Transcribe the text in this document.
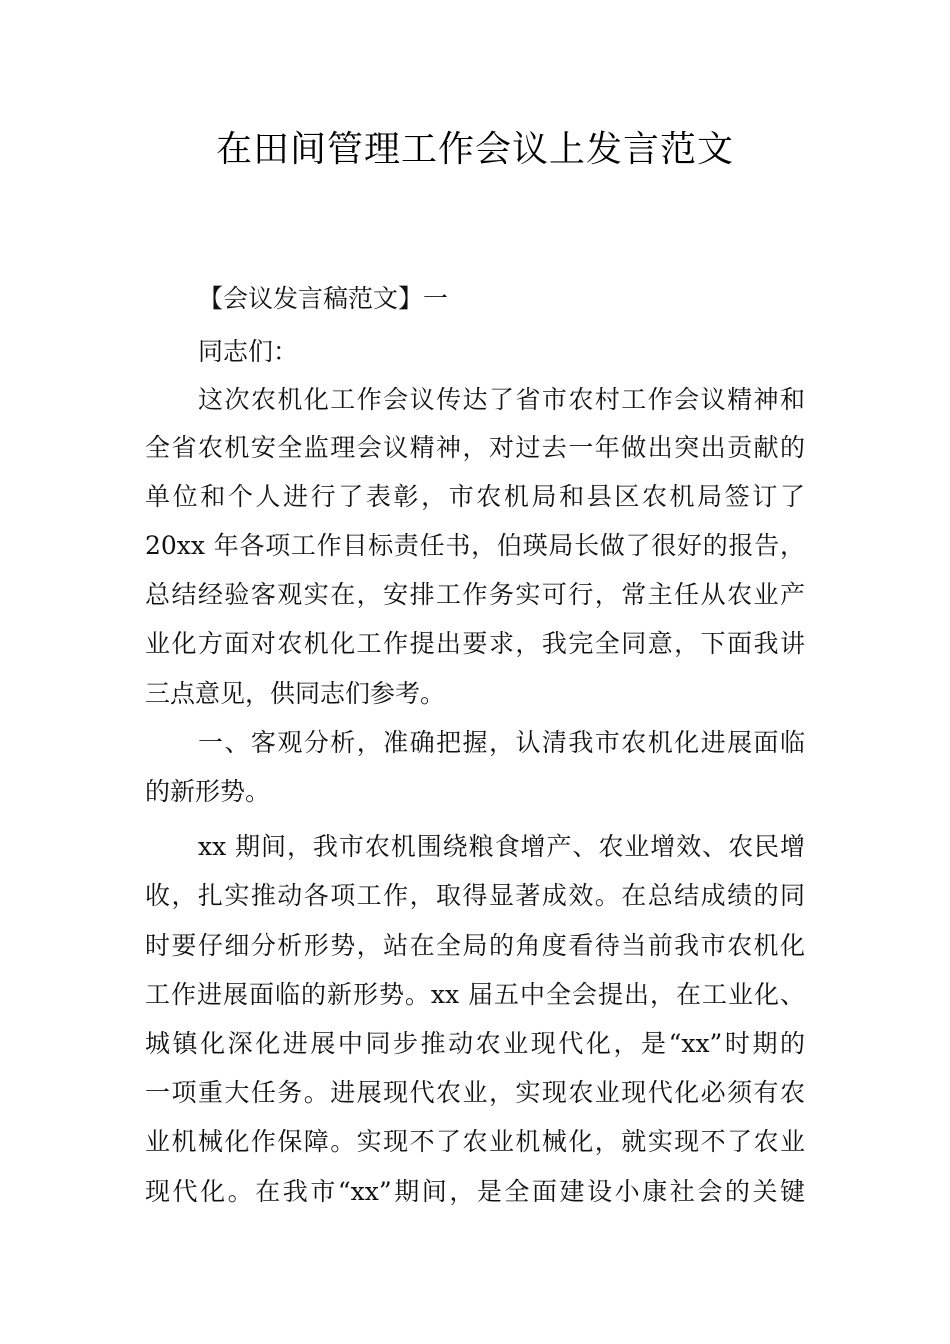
在田间管理工作会议上发言范文
【会议发言稿范文】一
同志们：
这次农机化工作会议传达了省市农村工作会议精神和
全省农机安全监理会议精神，对过去一年做出突出贡献的
单位和个人进行了表彰，市农机局和县区农机局签订了
20xx 年各项工作目标责任书，伯瑛局长做了很好的报告，
总结经验客观实在，安排工作务实可行，常主任从农业产
业化方面对农机化工作提出要求，我完全同意，下面我讲
三点意见，供同志们参考。
一、客观分析，准确把握，认清我市农机化进展面临
的新形势。
xx 期间，我市农机围绕粮食增产、农业增效、农民增
收，扎实推动各项工作，取得显著成效。在总结成绩的同
时要仔细分析形势，站在全局的角度看待当前我市农机化
工作进展面临的新形势。xx 届五中全会提出，在工业化、
城镇化深化进展中同步推动农业现代化，是“xx”时期的
一项重大任务。进展现代农业，实现农业现代化必须有农
业机械化作保障。实现不了农业机械化，就实现不了农业
现代化。在我市“xx”期间，是全面建设小康社会的关键
